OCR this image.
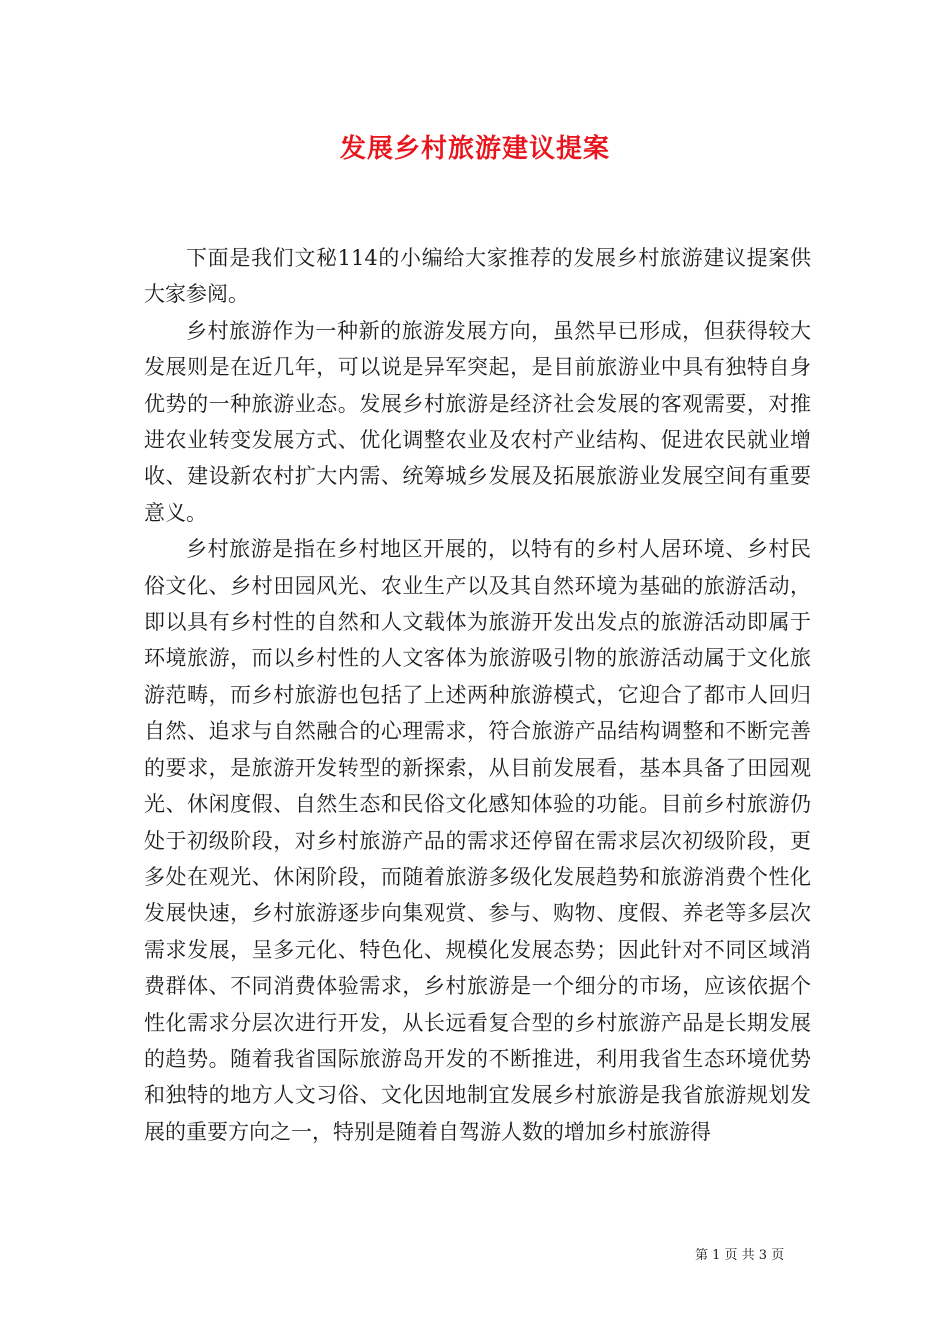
发展乡村旅游建议提案

下面是我们文秘114的小编给大家推荐的发展乡村旅游建议提案供大家参阅。

乡村旅游作为一种新的旅游发展方向，虽然早已形成，但获得较大发展则是在近几年，可以说是异军突起，是目前旅游业中具有独特自身优势的一种旅游业态。发展乡村旅游是经济社会发展的客观需要，对推进农业转变发展方式、优化调整农业及农村产业结构、促进农民就业增收、建设新农村扩大内需、统筹城乡发展及拓展旅游业发展空间有重要意义。

乡村旅游是指在乡村地区开展的，以特有的乡村人居环境、乡村民俗文化、乡村田园风光、农业生产以及其自然环境为基础的旅游活动，即以具有乡村性的自然和人文载体为旅游开发出发点的旅游活动即属于环境旅游，而以乡村性的人文客体为旅游吸引物的旅游活动属于文化旅游范畴，而乡村旅游也包括了上述两种旅游模式，它迎合了都市人回归自然、追求与自然融合的心理需求，符合旅游产品结构调整和不断完善的要求，是旅游开发转型的新探索，从目前发展看，基本具备了田园观光、休闲度假、自然生态和民俗文化感知体验的功能。目前乡村旅游仍处于初级阶段，对乡村旅游产品的需求还停留在需求层次初级阶段，更多处在观光、休闲阶段，而随着旅游多级化发展趋势和旅游消费个性化发展快速，乡村旅游逐步向集观赏、参与、购物、度假、养老等多层次需求发展，呈多元化、特色化、规模化发展态势；因此针对不同区域消费群体、不同消费体验需求，乡村旅游是一个细分的市场，应该依据个性化需求分层次进行开发，从长远看复合型的乡村旅游产品是长期发展的趋势。随着我省国际旅游岛开发的不断推进，利用我省生态环境优势和独特的地方人文习俗、文化因地制宜发展乡村旅游是我省旅游规划发展的重要方向之一，特别是随着自驾游人数的增加乡村旅游得

第 1 页 共 3 页
